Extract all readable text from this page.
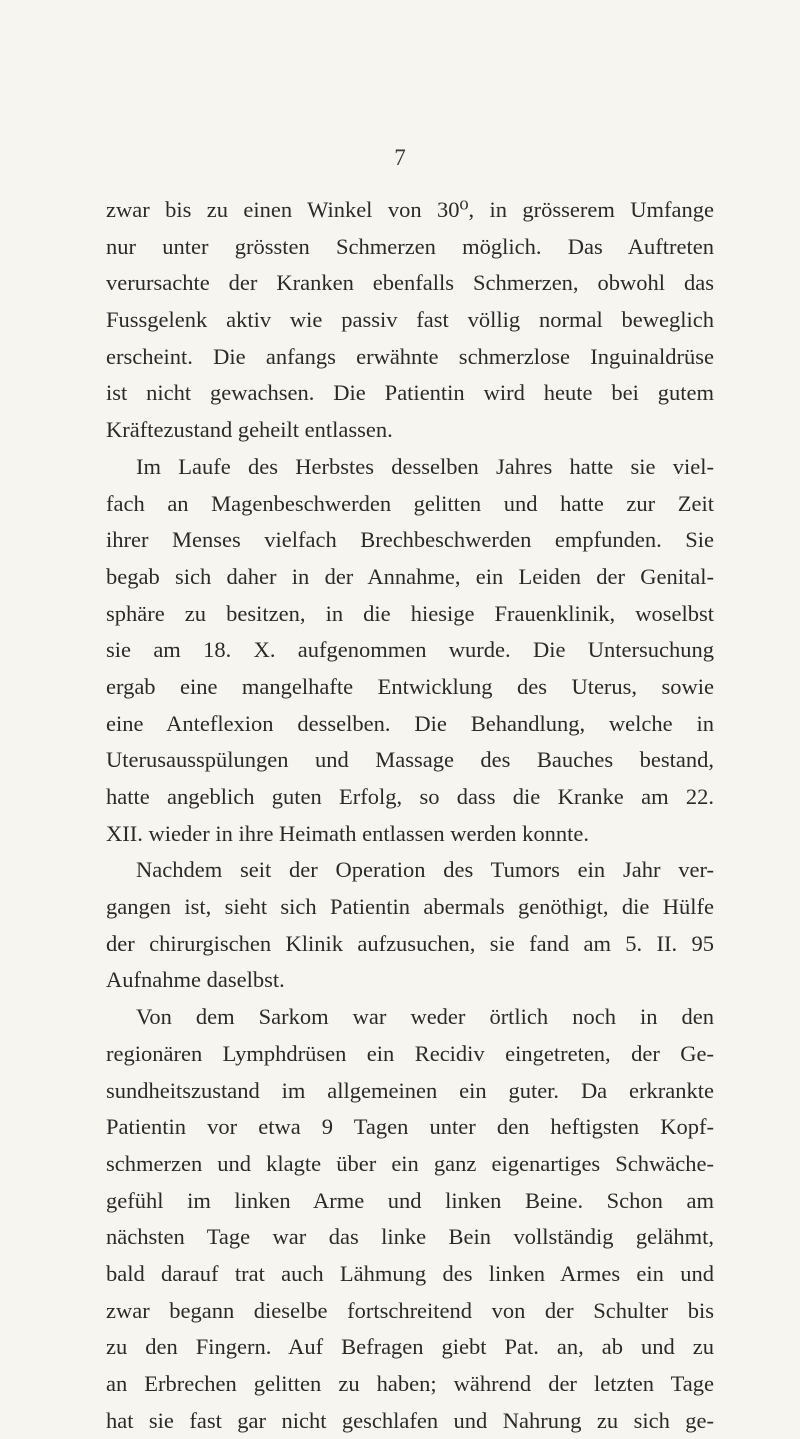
7
zwar bis zu einen Winkel von 30⁰, in grösserem Umfange
nur unter grössten Schmerzen möglich. Das Auftreten
verursachte der Kranken ebenfalls Schmerzen, obwohl das
Fussgelenk aktiv wie passiv fast völlig normal beweglich
erscheint. Die anfangs erwähnte schmerzlose Inguinaldrüse
ist nicht gewachsen. Die Patientin wird heute bei gutem
Kräftezustand geheilt entlassen.
Im Laufe des Herbstes desselben Jahres hatte sie viel-
fach an Magenbeschwerden gelitten und hatte zur Zeit
ihrer Menses vielfach Brechbeschwerden empfunden. Sie
begab sich daher in der Annahme, ein Leiden der Genital-
sphäre zu besitzen, in die hiesige Frauenklinik, woselbst
sie am 18. X. aufgenommen wurde. Die Untersuchung
ergab eine mangelhafte Entwicklung des Uterus, sowie
eine Anteflexion desselben. Die Behandlung, welche in
Uterusausspülungen und Massage des Bauches bestand,
hatte angeblich guten Erfolg, so dass die Kranke am 22.
XII. wieder in ihre Heimath entlassen werden konnte.
Nachdem seit der Operation des Tumors ein Jahr ver-
gangen ist, sieht sich Patientin abermals genöthigt, die Hülfe
der chirurgischen Klinik aufzusuchen, sie fand am 5. II. 95
Aufnahme daselbst.
Von dem Sarkom war weder örtlich noch in den
regionären Lymphdrüsen ein Recidiv eingetreten, der Ge-
sundheitszustand im allgemeinen ein guter. Da erkrankte
Patientin vor etwa 9 Tagen unter den heftigsten Kopf-
schmerzen und klagte über ein ganz eigenartiges Schwäche-
gefühl im linken Arme und linken Beine. Schon am
nächsten Tage war das linke Bein vollständig gelähmt,
bald darauf trat auch Lähmung des linken Armes ein und
zwar begann dieselbe fortschreitend von der Schulter bis
zu den Fingern. Auf Befragen giebt Pat. an, ab und zu
an Erbrechen gelitten zu haben; während der letzten Tage
hat sie fast gar nicht geschlafen und Nahrung zu sich ge-
